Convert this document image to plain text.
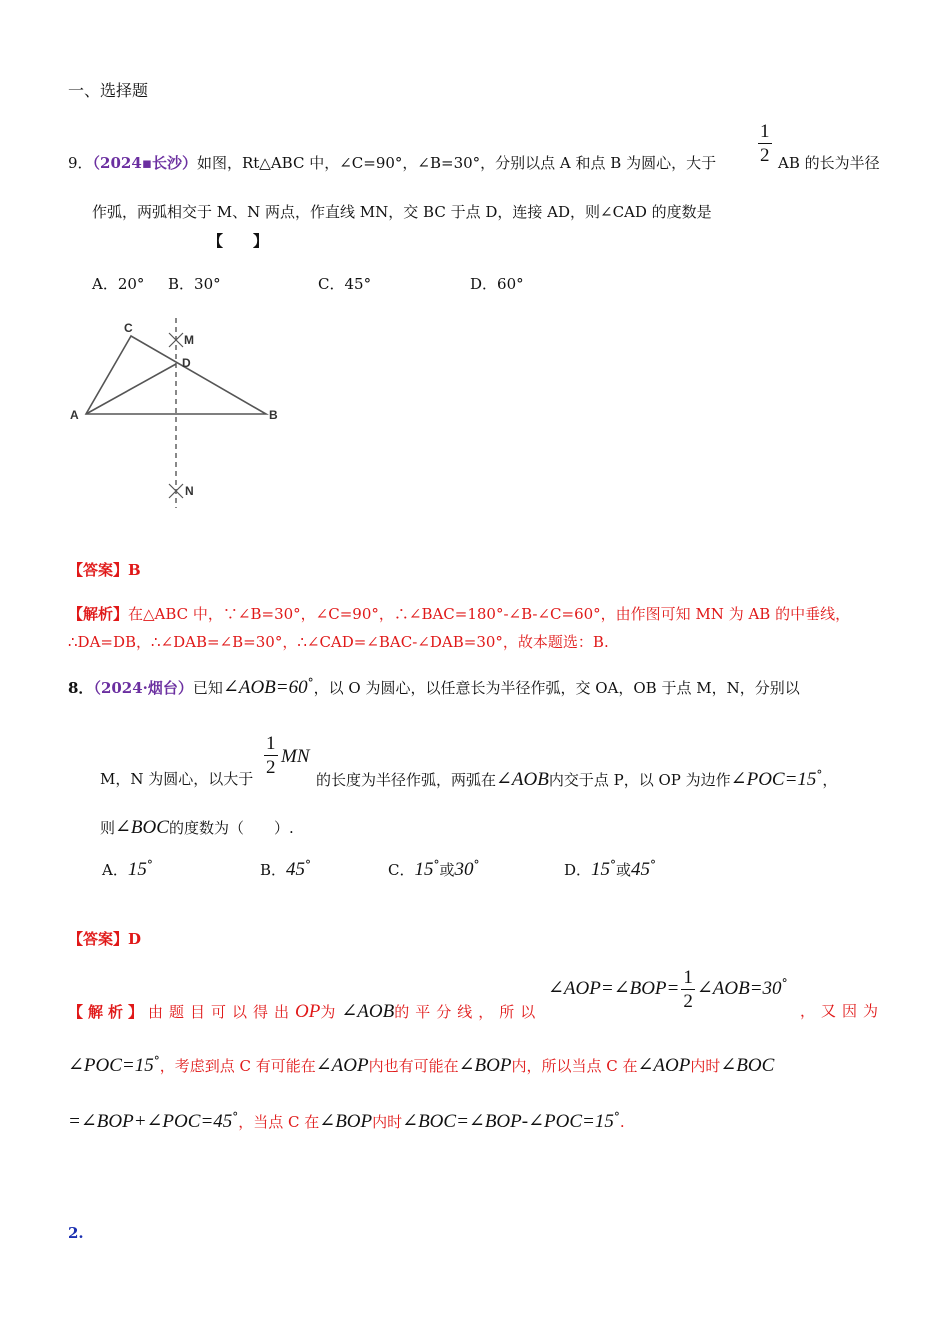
一、选择题
9．（2024▪长沙）如图，Rt△ABC 中，∠C=90°，∠B=30°，分别以点 A 和点 B 为圆心，大于 $\frac{1}{2}$ AB 的长为半径
作弧，两弧相交于 M、N 两点，作直线 MN，交 BC 于点 D，连接 AD，则∠CAD 的度数是
【　　】
A．20° B．30°	C．45°	D．60°
C
M
D
A	B
N
【答案】B
【解析】在△ABC 中，∵∠B=30°，∠C=90°，∴∠BAC=180°-∠B-∠C=60°，由作图可知 MN 为 AB 的中垂线，
∴DA=DB，∴∠DAB=∠B=30°，∴∠CAD=∠BAC-∠DAB=30°，故本题选：B.
8．（2024·烟台）已知∠AOB=60°，以 O 为圆心，以任意长为半径作弧，交 OA，OB 于点 M，N，分别以
M，N 为圆心，以大于
$\frac{1}{2}$ MN
的长度为半径作弧，两弧在∠AOB内交于点 P，以 OP 为边作∠POC=15°，
则∠BOC的度数为（　　）.
A．15°	B．45°	C．15°或30°	D．15°或45°
【答案】D
【解析】由题目可以得出OP为∠AOB的平分线，所以
∠AOP=∠BOP= $\frac{1}{2}$ ∠AOB=30°
，又因为
∠POC=15°，考虑到点 C 有可能在∠AOP内也有可能在∠BOP内，所以当点 C 在∠AOP内时∠BOC
=∠BOP+∠POC=45°，当点 C 在∠BOP内时∠BOC=∠BOP-∠POC=15°.
2.
